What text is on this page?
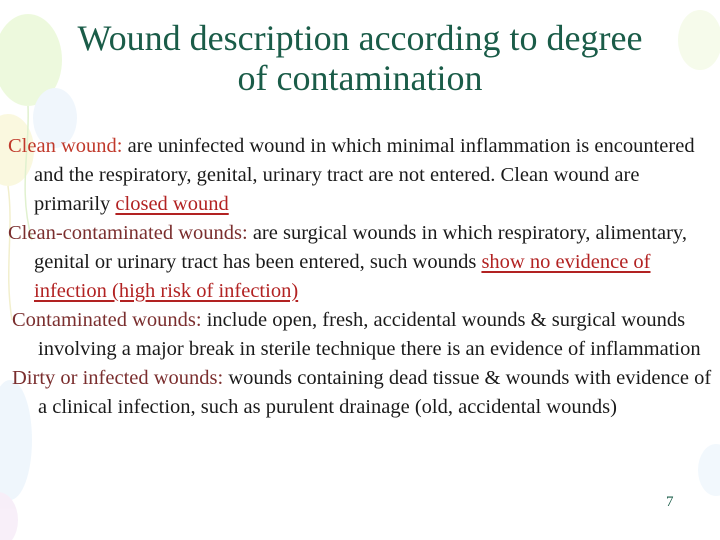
Wound description according to degree
of contamination

Clean wound: are uninfected wound in which minimal inflammation is encountered and the respiratory, genital, urinary tract are not entered. Clean wound are primarily closed wound

Clean-contaminated wounds: are surgical wounds in which respiratory, alimentary, genital or urinary tract has been entered, such wounds show no evidence of infection (high risk of infection)

Contaminated wounds: include open, fresh, accidental wounds & surgical wounds involving a major break in sterile technique there is an evidence of inflammation

Dirty or infected wounds: wounds containing dead tissue & wounds with evidence of a clinical infection, such as purulent drainage (old, accidental wounds)

7
